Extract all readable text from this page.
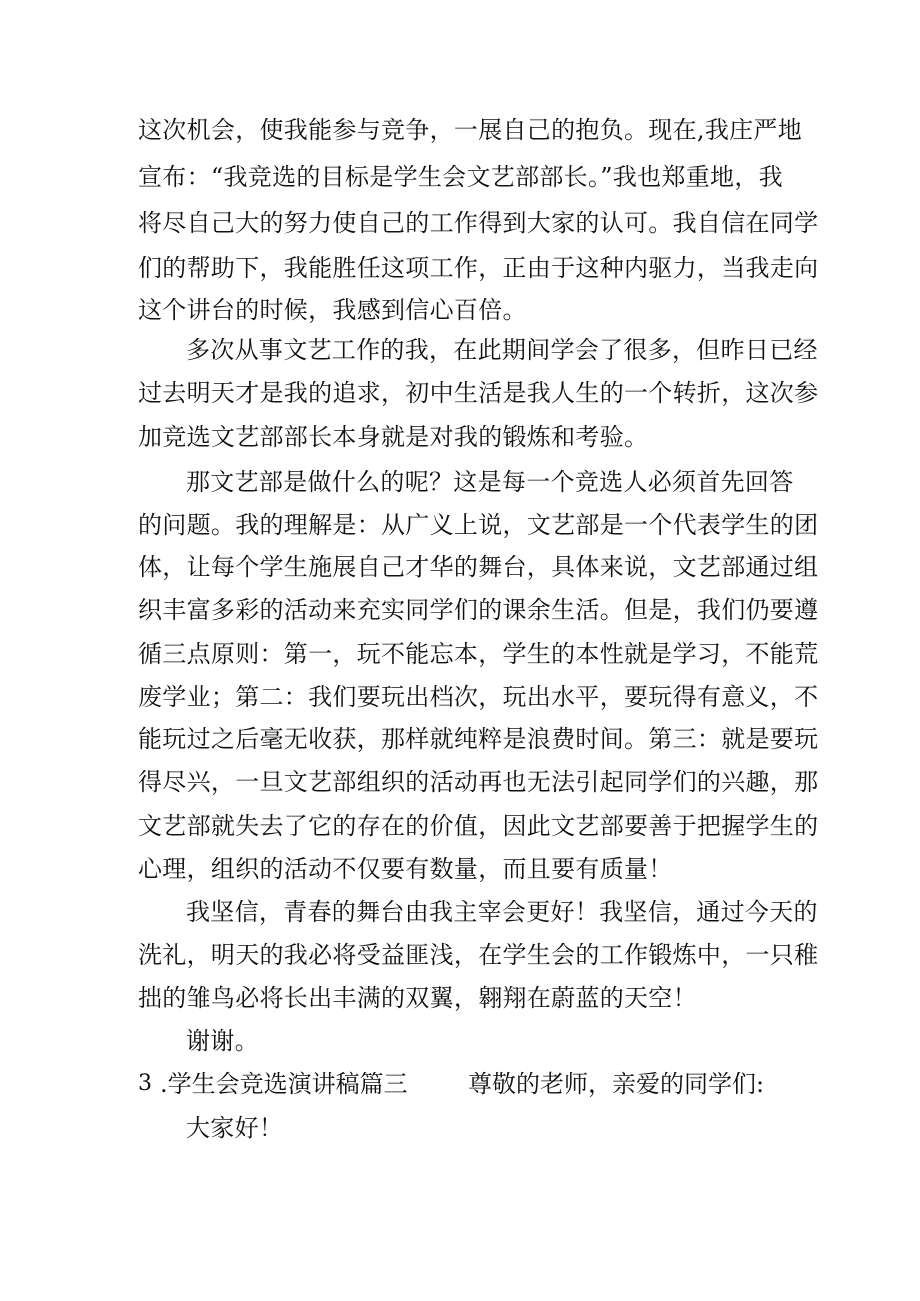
这次机会，使我能参与竞争，一展自己的抱负。现在,我庄严地
宣布：“我竞选的目标是学生会文艺部部长。”我也郑重地，我
将尽自己大的努力使自己的工作得到大家的认可。我自信在同学
们的帮助下，我能胜任这项工作，正由于这种内驱力，当我走向
这个讲台的时候，我感到信心百倍。
多次从事文艺工作的我，在此期间学会了很多，但昨日已经
过去明天才是我的追求，初中生活是我人生的一个转折，这次参
加竞选文艺部部长本身就是对我的锻炼和考验。
那文艺部是做什么的呢？这是每一个竞选人必须首先回答
的问题。我的理解是：从广义上说，文艺部是一个代表学生的团
体，让每个学生施展自己才华的舞台，具体来说，文艺部通过组
织丰富多彩的活动来充实同学们的课余生活。但是，我们仍要遵
循三点原则：第一，玩不能忘本，学生的本性就是学习，不能荒
废学业；第二：我们要玩出档次，玩出水平，要玩得有意义，不
能玩过之后毫无收获，那样就纯粹是浪费时间。第三：就是要玩
得尽兴，一旦文艺部组织的活动再也无法引起同学们的兴趣，那
文艺部就失去了它的存在的价值，因此文艺部要善于把握学生的
心理，组织的活动不仅要有数量，而且要有质量！
我坚信，青春的舞台由我主宰会更好！我坚信，通过今天的
洗礼，明天的我必将受益匪浅，在学生会的工作锻炼中，一只稚
拙的雏鸟必将长出丰满的双翼，翱翔在蔚蓝的天空！
谢谢。
3 .学生会竞选演讲稿篇三	尊敬的老师，亲爱的同学们:
大家好！
